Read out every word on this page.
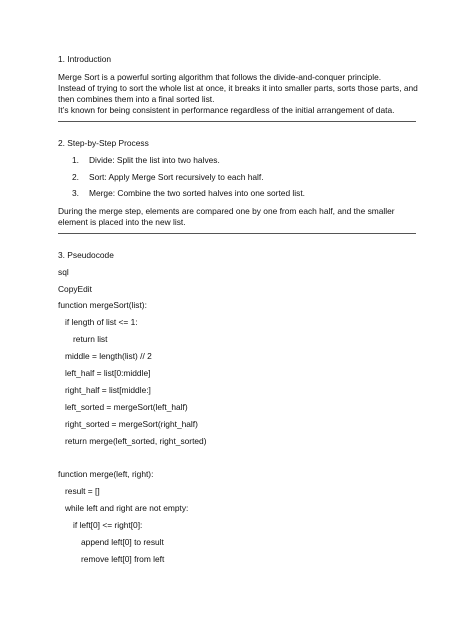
1. Introduction
Merge Sort is a powerful sorting algorithm that follows the divide-and-conquer principle.
Instead of trying to sort the whole list at once, it breaks it into smaller parts, sorts those parts, and
then combines them into a final sorted list.
It’s known for being consistent in performance regardless of the initial arrangement of data.
2. Step-by-Step Process
1. Divide: Split the list into two halves.
2. Sort: Apply Merge Sort recursively to each half.
3. Merge: Combine the two sorted halves into one sorted list.
During the merge step, elements are compared one by one from each half, and the smaller
element is placed into the new list.
3. Pseudocode
sql
CopyEdit
function mergeSort(list):
if length of list <= 1:
return list
middle = length(list) // 2
left_half = list[0:middle]
right_half = list[middle:]
left_sorted = mergeSort(left_half)
right_sorted = mergeSort(right_half)
return merge(left_sorted, right_sorted)
function merge(left, right):
result = []
while left and right are not empty:
if left[0] <= right[0]:
append left[0] to result
remove left[0] from left
